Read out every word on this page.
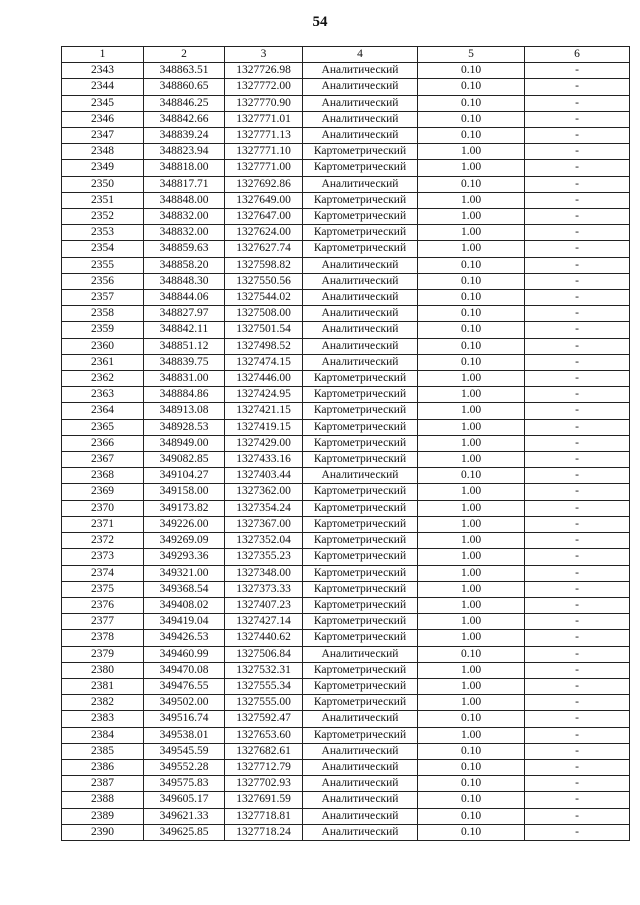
54
1	2	3	4	5	6
2343	348863.51	1327726.98	Аналитический	0.10	-
2344	348860.65	1327772.00	Аналитический	0.10	-
2345	348846.25	1327770.90	Аналитический	0.10	-
2346	348842.66	1327771.01	Аналитический	0.10	-
2347	348839.24	1327771.13	Аналитический	0.10	-
2348	348823.94	1327771.10	Картометрический	1.00	-
2349	348818.00	1327771.00	Картометрический	1.00	-
2350	348817.71	1327692.86	Аналитический	0.10	-
2351	348848.00	1327649.00	Картометрический	1.00	-
2352	348832.00	1327647.00	Картометрический	1.00	-
2353	348832.00	1327624.00	Картометрический	1.00	-
2354	348859.63	1327627.74	Картометрический	1.00	-
2355	348858.20	1327598.82	Аналитический	0.10	-
2356	348848.30	1327550.56	Аналитический	0.10	-
2357	348844.06	1327544.02	Аналитический	0.10	-
2358	348827.97	1327508.00	Аналитический	0.10	-
2359	348842.11	1327501.54	Аналитический	0.10	-
2360	348851.12	1327498.52	Аналитический	0.10	-
2361	348839.75	1327474.15	Аналитический	0.10	-
2362	348831.00	1327446.00	Картометрический	1.00	-
2363	348884.86	1327424.95	Картометрический	1.00	-
2364	348913.08	1327421.15	Картометрический	1.00	-
2365	348928.53	1327419.15	Картометрический	1.00	-
2366	348949.00	1327429.00	Картометрический	1.00	-
2367	349082.85	1327433.16	Картометрический	1.00	-
2368	349104.27	1327403.44	Аналитический	0.10	-
2369	349158.00	1327362.00	Картометрический	1.00	-
2370	349173.82	1327354.24	Картометрический	1.00	-
2371	349226.00	1327367.00	Картометрический	1.00	-
2372	349269.09	1327352.04	Картометрический	1.00	-
2373	349293.36	1327355.23	Картометрический	1.00	-
2374	349321.00	1327348.00	Картометрический	1.00	-
2375	349368.54	1327373.33	Картометрический	1.00	-
2376	349408.02	1327407.23	Картометрический	1.00	-
2377	349419.04	1327427.14	Картометрический	1.00	-
2378	349426.53	1327440.62	Картометрический	1.00	-
2379	349460.99	1327506.84	Аналитический	0.10	-
2380	349470.08	1327532.31	Картометрический	1.00	-
2381	349476.55	1327555.34	Картометрический	1.00	-
2382	349502.00	1327555.00	Картометрический	1.00	-
2383	349516.74	1327592.47	Аналитический	0.10	-
2384	349538.01	1327653.60	Картометрический	1.00	-
2385	349545.59	1327682.61	Аналитический	0.10	-
2386	349552.28	1327712.79	Аналитический	0.10	-
2387	349575.83	1327702.93	Аналитический	0.10	-
2388	349605.17	1327691.59	Аналитический	0.10	-
2389	349621.33	1327718.81	Аналитический	0.10	-
2390	349625.85	1327718.24	Аналитический	0.10	-
